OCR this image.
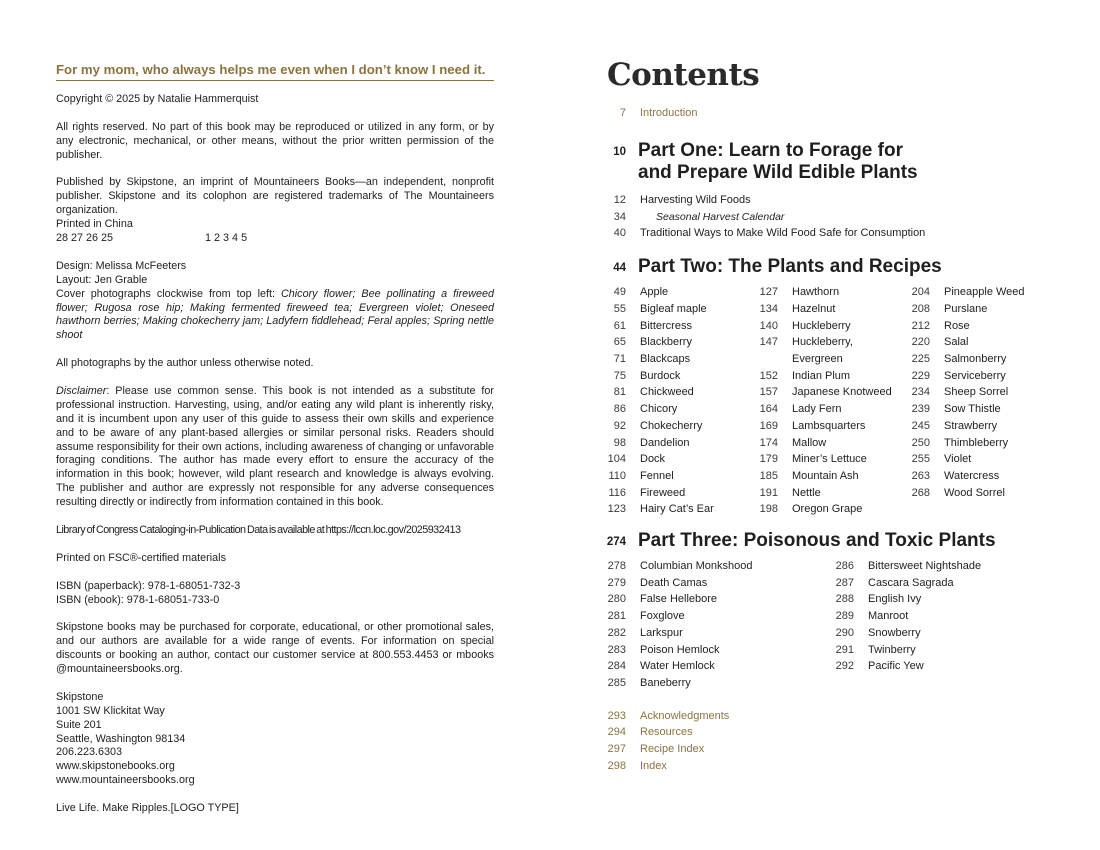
For my mom, who always helps me even when I don’t know I need it.
Copyright © 2025 by Natalie Hammerquist
All rights reserved. No part of this book may be reproduced or utilized in any form, or by any electronic, mechanical, or other means, without the prior written permission of the publisher.
Published by Skipstone, an imprint of Mountaineers Books—an independent, nonprofit publisher. Skipstone and its colophon are registered trademarks of The Mountaineers organization.
Printed in China
28 27 26 25	1 2 3 4 5
Design: Melissa McFeeters
Layout: Jen Grable
Cover photographs clockwise from top left: Chicory flower; Bee pollinating a fireweed flower; Rugosa rose hip; Making fermented fireweed tea; Evergreen violet; Oneseed hawthorn berries; Making chokecherry jam; Ladyfern fiddlehead; Feral apples; Spring nettle shoot
All photographs by the author unless otherwise noted.
Disclaimer: Please use common sense. This book is not intended as a substitute for professional instruction. Harvesting, using, and/or eating any wild plant is inherently risky, and it is incumbent upon any user of this guide to assess their own skills and experience and to be aware of any plant-based allergies or similar personal risks. Readers should assume responsibility for their own actions, including awareness of changing or unfavorable foraging conditions. The author has made every effort to ensure the accuracy of the information in this book; however, wild plant research and knowledge is always evolving. The publisher and author are expressly not responsible for any adverse consequences resulting directly or indirectly from information contained in this book.
Library of Congress Cataloging-in-Publication Data is available at https://lccn.loc.gov/2025932413
Printed on FSC®-certified materials
ISBN (paperback): 978-1-68051-732-3
ISBN (ebook): 978-1-68051-733-0
Skipstone books may be purchased for corporate, educational, or other promotional sales, and our authors are available for a wide range of events. For information on special discounts or booking an author, contact our customer service at 800.553.4453 or mbooks @mountaineersbooks.org.
Skipstone
1001 SW Klickitat Way
Suite 201
Seattle, Washington 98134
206.223.6303
www.skipstonebooks.org
www.mountaineersbooks.org
Live Life. Make Ripples.[LOGO TYPE]
Contents
7 Introduction
10 Part One: Learn to Forage for
and Prepare Wild Edible Plants
12 Harvesting Wild Foods
34	Seasonal Harvest Calendar
40 Traditional Ways to Make Wild Food Safe for Consumption
44 Part Two: The Plants and Recipes
49 Apple
55 Bigleaf maple
61 Bittercress
65 Blackberry
71 Blackcaps
75 Burdock
81 Chickweed
86 Chicory
92 Chokecherry
98 Dandelion
104 Dock
110 Fennel
116 Fireweed
123 Hairy Cat’s Ear
127 Hawthorn
134 Hazelnut
140 Huckleberry
147 Huckleberry,
Evergreen
152 Indian Plum
157 Japanese Knotweed
164 Lady Fern
169 Lambsquarters
174 Mallow
179 Miner’s Lettuce
185 Mountain Ash
191 Nettle
198 Oregon Grape
204 Pineapple Weed
208 Purslane
212 Rose
220 Salal
225 Salmonberry
229 Serviceberry
234 Sheep Sorrel
239 Sow Thistle
245 Strawberry
250 Thimbleberry
255 Violet
263 Watercress
268 Wood Sorrel
274 Part Three: Poisonous and Toxic Plants
278 Columbian Monkshood
279 Death Camas
280 False Hellebore
281 Foxglove
282 Larkspur
283 Poison Hemlock
284 Water Hemlock
285 Baneberry
286 Bittersweet Nightshade
287 Cascara Sagrada
288 English Ivy
289 Manroot
290 Snowberry
291 Twinberry
292 Pacific Yew
293 Acknowledgments
294 Resources
297 Recipe Index
298 Index
